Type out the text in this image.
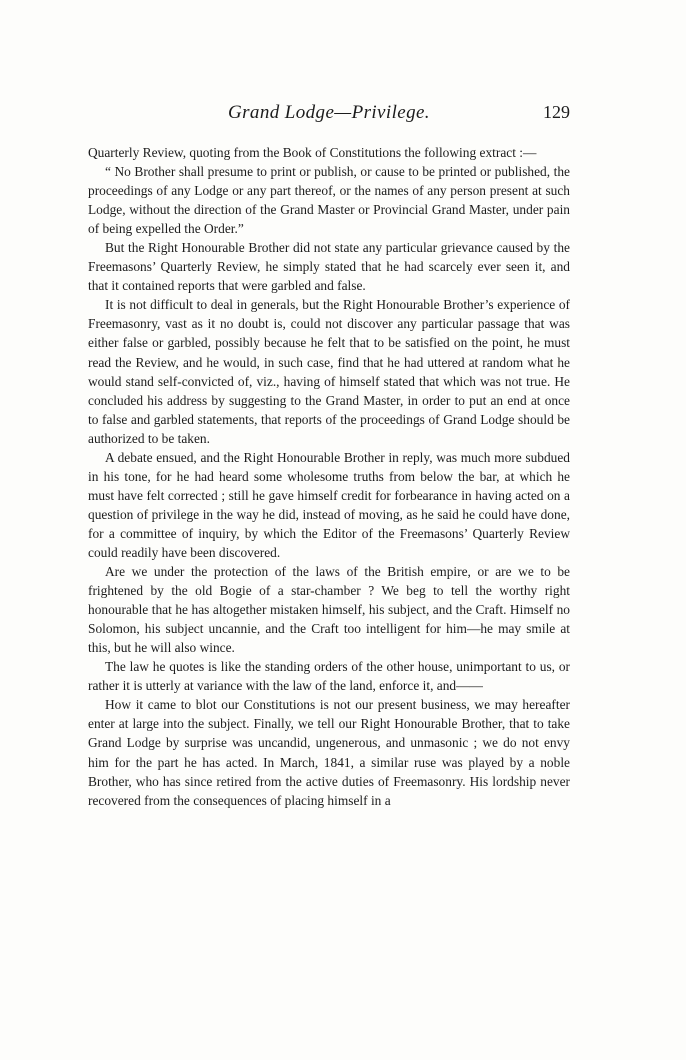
Grand Lodge—Privilege.	129

Quarterly Review, quoting from the Book of Constitutions the following extract :—

“ No Brother shall presume to print or publish, or cause to be printed or published, the proceedings of any Lodge or any part thereof, or the names of any person present at such Lodge, without the direction of the Grand Master or Provincial Grand Master, under pain of being expelled the Order.”

But the Right Honourable Brother did not state any particular grievance caused by the Freemasons’ Quarterly Review, he simply stated that he had scarcely ever seen it, and that it contained reports that were garbled and false.

It is not difficult to deal in generals, but the Right Honourable Brother’s experience of Freemasonry, vast as it no doubt is, could not discover any particular passage that was either false or garbled, possibly because he felt that to be satisfied on the point, he must read the Review, and he would, in such case, find that he had uttered at random what he would stand self-convicted of, viz., having of himself stated that which was not true. He concluded his address by suggesting to the Grand Master, in order to put an end at once to false and garbled statements, that reports of the proceedings of Grand Lodge should be authorized to be taken.

A debate ensued, and the Right Honourable Brother in reply, was much more subdued in his tone, for he had heard some wholesome truths from below the bar, at which he must have felt corrected ; still he gave himself credit for forbearance in having acted on a question of privilege in the way he did, instead of moving, as he said he could have done, for a committee of inquiry, by which the Editor of the Freemasons’ Quarterly Review could readily have been discovered.

Are we under the protection of the laws of the British empire, or are we to be frightened by the old Bogie of a star-chamber ? We beg to tell the worthy right honourable that he has altogether mistaken himself, his subject, and the Craft. Himself no Solomon, his subject uncannie, and the Craft too intelligent for him—he may smile at this, but he will also wince.

The law he quotes is like the standing orders of the other house, unimportant to us, or rather it is utterly at variance with the law of the land, enforce it, and——

How it came to blot our Constitutions is not our present business, we may hereafter enter at large into the subject. Finally, we tell our Right Honourable Brother, that to take Grand Lodge by surprise was uncandid, ungenerous, and unmasonic ; we do not envy him for the part he has acted. In March, 1841, a similar ruse was played by a noble Brother, who has since retired from the active duties of Freemasonry. His lordship never recovered from the consequences of placing himself in a
